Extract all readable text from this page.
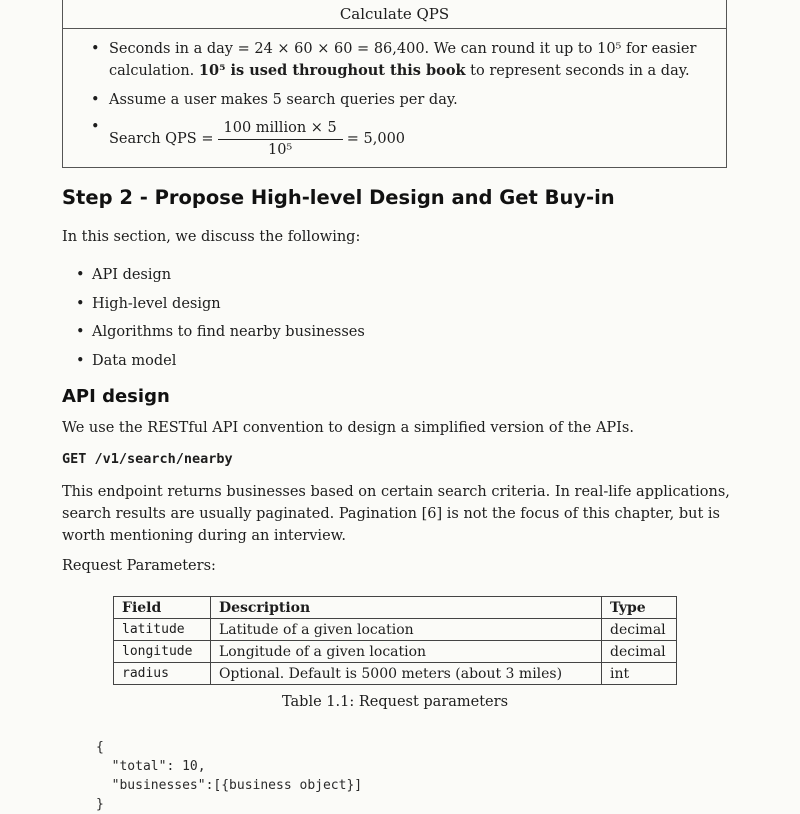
Calculate QPS
• Seconds in a day = 24 × 60 × 60 = 86,400. We can round it up to 10⁵ for easier calculation. 10⁵ is used throughout this book to represent seconds in a day.
• Assume a user makes 5 search queries per day.
• Search QPS = $\frac{\text{100 million × 5}}{\text{10⁵}} = 5,000$
Step 2 - Propose High-level Design and Get Buy-in

In this section, we discuss the following:

• API design
• High-level design
• Algorithms to find nearby businesses
• Data model
API design

We use the RESTful API convention to design a simplified version of the APIs.

GET /v1/search/nearby

This endpoint returns businesses based on certain search criteria. In real-life applications, search results are usually paginated. Pagination [6] is not the focus of this chapter, but is worth mentioning during an interview.

Request Parameters:

Field	Description	Type
latitude	Latitude of a given location	decimal
longitude	Longitude of a given location	decimal
radius	Optional. Default is 5000 meters (about 3 miles)	int
Table 1.1: Request parameters
{
"total": 10,
"businesses":[{business object}]
}
